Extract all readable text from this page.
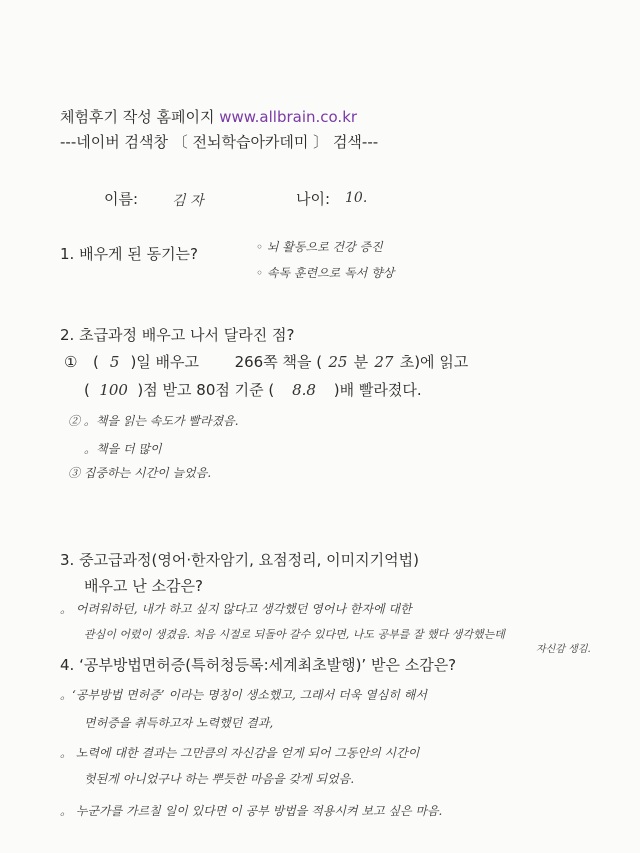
체험후기 작성 홈페이지 www.allbrain.co.kr
---네이버 검색창 〔 전뇌학습아카데미 〕 검색---
이름: 김 자	나이: 10.
1. 배우게 된 동기는?	◦ 뇌 활동으로 건강 증진
◦ 속독 훈련으로 독서 향상
2. 초급과정 배우고 나서 달라진 점?
① ( 5 )일 배우고 266쪽 책을 ( 25 분 27 초)에 읽고
( 100 )점 받고 80점 기준 ( 8.8 )배 빨라졌다.
② 。책을 읽는 속도가 빨라졌음.
。책을 더 많이
③ 집중하는 시간이 늘었음.
3. 중고급과정(영어·한자암기, 요점정리, 이미지기억법)
배우고 난 소감은?
。 어려워하던, 내가 하고 싶지 않다고 생각했던 영어나 한자에 대한
관심이 어렸이 생겼음. 처음 시절로 되돌아 갈수 있다면, 나도 공부를 잘 했다 생각했는데
자신감 생김.
4. ‘공부방법면허증(특허청등록:세계최초발행)’ 받은 소감은?
。‘공부방법 면허증’ 이라는 명칭이 생소했고, 그래서 더욱 열심히 해서
면허증을 취득하고자 노력했던 결과,
。 노력에 대한 결과는 그만큼의 자신감을 얻게 되어 그동안의 시간이
헛된게 아니었구나 하는 뿌듯한 마음을 갖게 되었음.
。 누군가를 가르칠 일이 있다면 이 공부 방법을 적용시켜 보고 싶은 마음.
